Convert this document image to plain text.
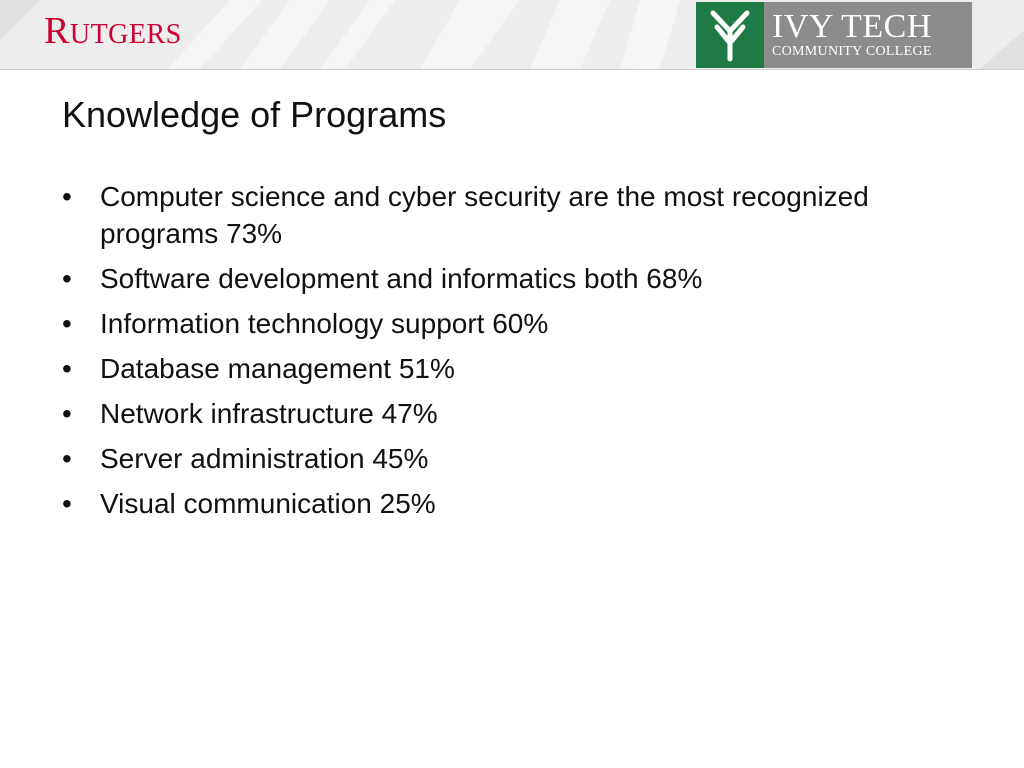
RUTGERS	IVY TECH
COMMUNITY COLLEGE
Knowledge of Programs
• Computer science and cyber security are the most recognized programs 73%
• Software development and informatics both 68%
• Information technology support 60%
• Database management 51%
• Network infrastructure 47%
• Server administration 45%
• Visual communication 25%
